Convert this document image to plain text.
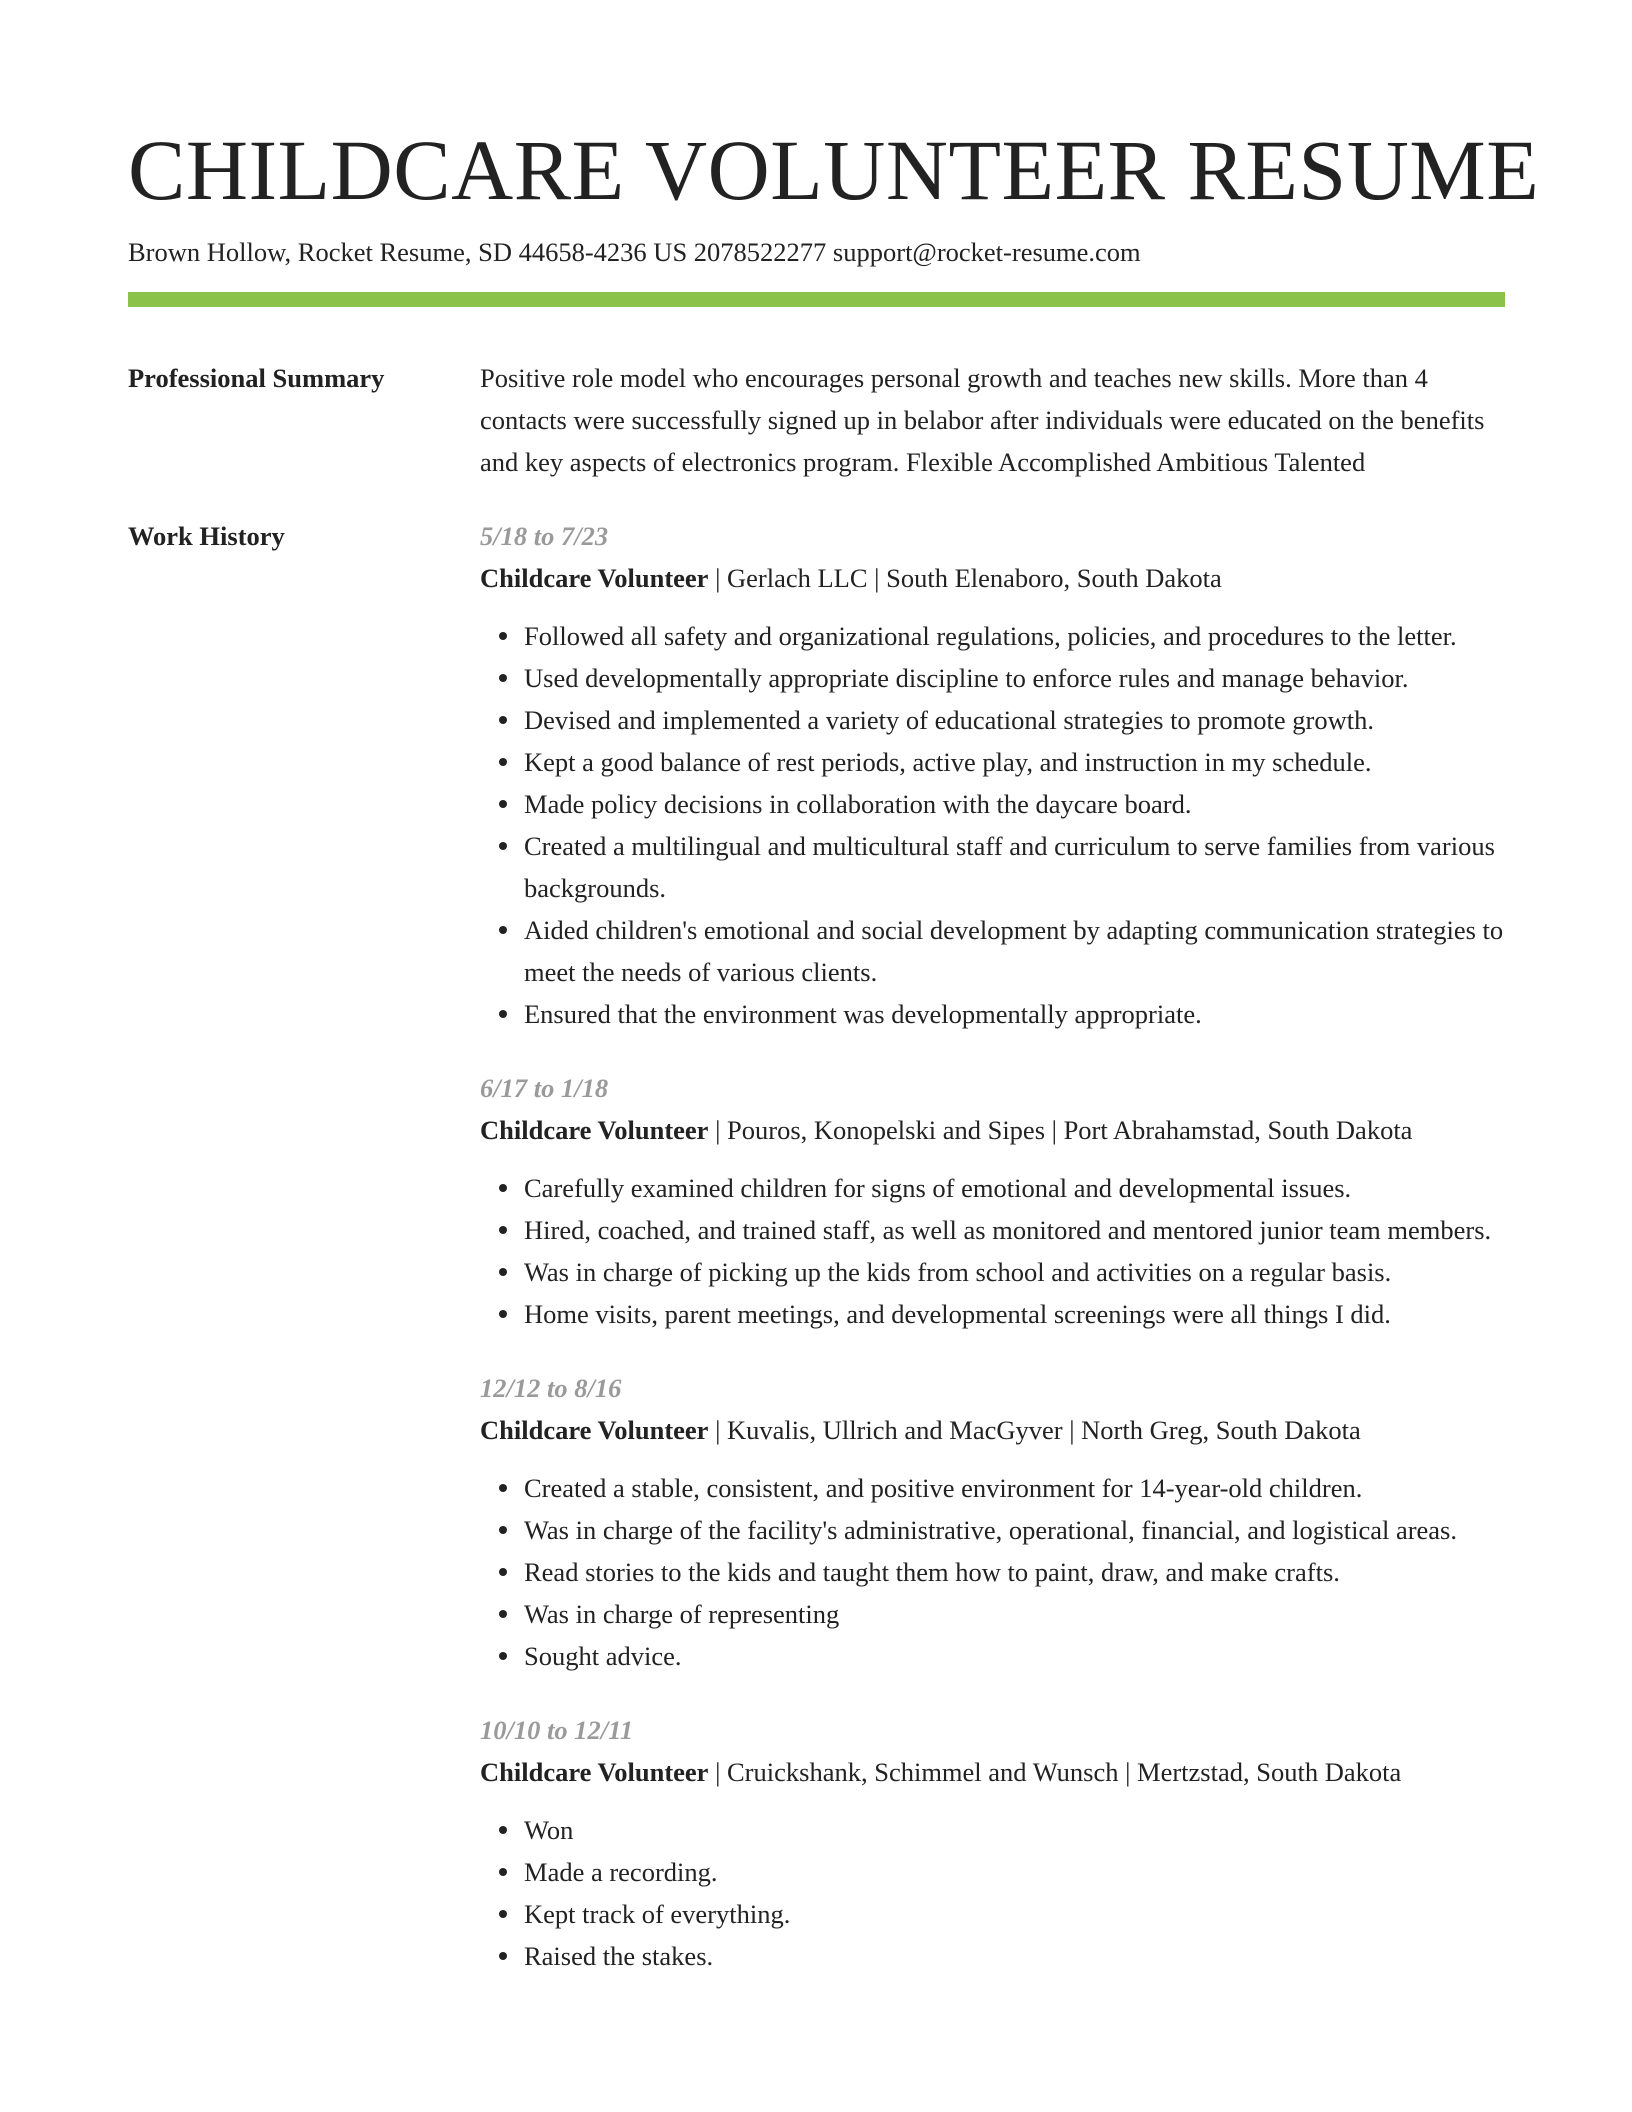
CHILDCARE VOLUNTEER RESUME
Brown Hollow, Rocket Resume, SD 44658-4236 US 2078522277 support@rocket-resume.com
Professional Summary	Positive role model who encourages personal growth and teaches new skills. More than 4 contacts were successfully signed up in belabor after individuals were educated on the benefits and key aspects of electronics program. Flexible Accomplished Ambitious Talented
Work History	5/18 to 7/23
Childcare Volunteer | Gerlach LLC | South Elenaboro, South Dakota
Followed all safety and organizational regulations, policies, and procedures to the letter.
Used developmentally appropriate discipline to enforce rules and manage behavior.
Devised and implemented a variety of educational strategies to promote growth.
Kept a good balance of rest periods, active play, and instruction in my schedule.
Made policy decisions in collaboration with the daycare board.
Created a multilingual and multicultural staff and curriculum to serve families from various backgrounds.
Aided children's emotional and social development by adapting communication strategies to meet the needs of various clients.
Ensured that the environment was developmentally appropriate.
6/17 to 1/18
Childcare Volunteer | Pouros, Konopelski and Sipes | Port Abrahamstad, South Dakota
Carefully examined children for signs of emotional and developmental issues.
Hired, coached, and trained staff, as well as monitored and mentored junior team members.
Was in charge of picking up the kids from school and activities on a regular basis.
Home visits, parent meetings, and developmental screenings were all things I did.
12/12 to 8/16
Childcare Volunteer | Kuvalis, Ullrich and MacGyver | North Greg, South Dakota
Created a stable, consistent, and positive environment for 14-year-old children.
Was in charge of the facility's administrative, operational, financial, and logistical areas.
Read stories to the kids and taught them how to paint, draw, and make crafts.
Was in charge of representing
Sought advice.
10/10 to 12/11
Childcare Volunteer | Cruickshank, Schimmel and Wunsch | Mertzstad, South Dakota
Won
Made a recording.
Kept track of everything.
Raised the stakes.
